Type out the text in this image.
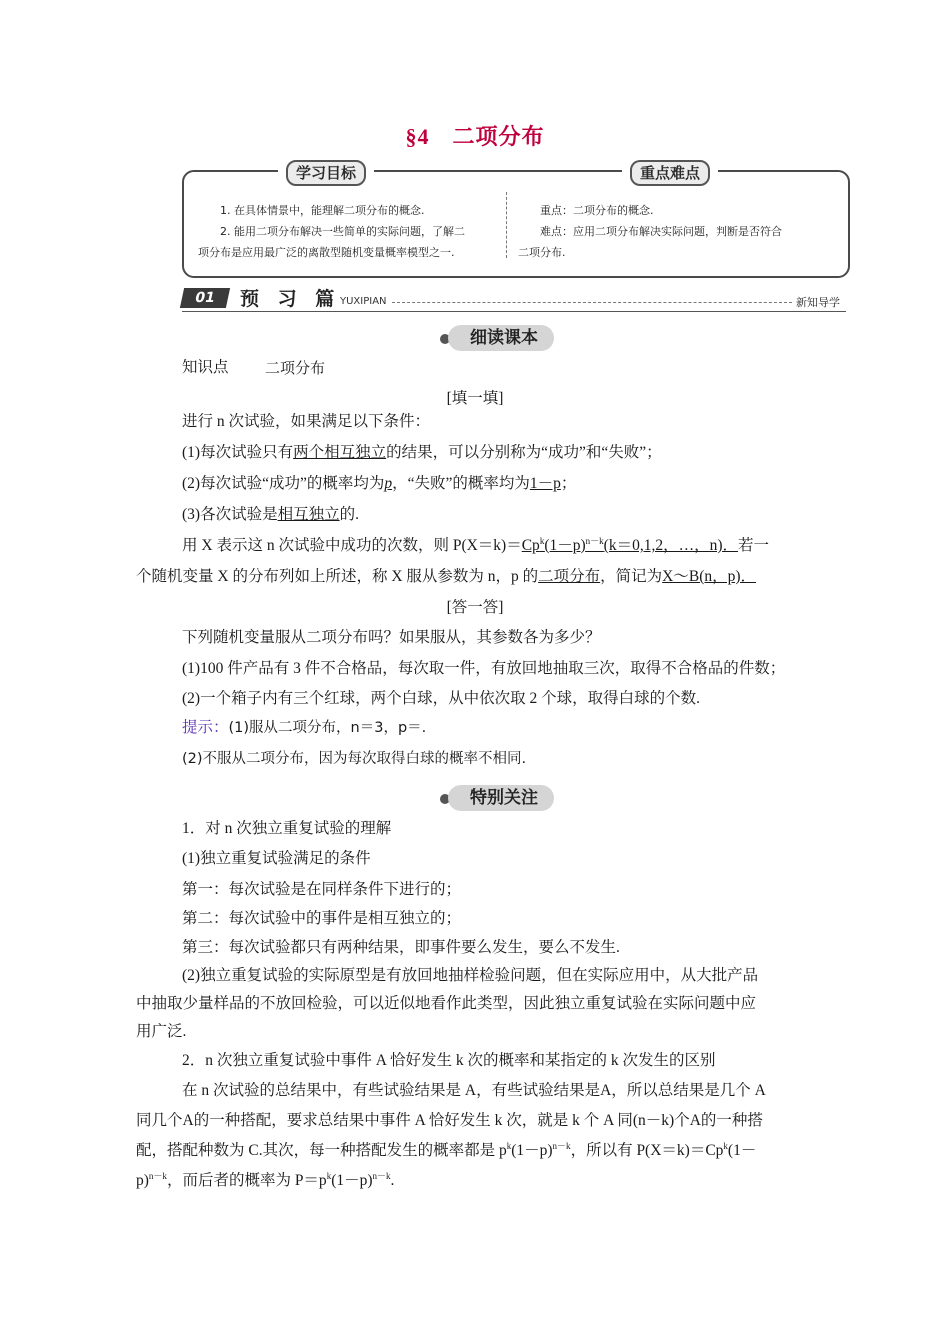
§4　二项分布
学习目标	重点难点
1. 在具体情景中，能理解二项分布的概念.
2. 能用二项分布解决一些简单的实际问题，了解二
项分布是应用最广泛的离散型随机变量概率模型之一.
重点：二项分布的概念.
难点：应用二项分布解决实际问题，判断是否符合
二项分布.
01	预 习 篇 YUXIPIAN	新知导学
细读课本
知识点 二项分布
[填一填]
进行 n 次试验，如果满足以下条件：
(1)每次试验只有两个相互独立的结果，可以分别称为“成功”和“失败”；
(2)每次试验“成功”的概率均为p，“失败”的概率均为1－p；
(3)各次试验是相互独立的.
用 X 表示这 n 次试验中成功的次数，则 $P(X=k)=Cp^k(1-p)^{n-k}(k=0,1,2$，…，n)．若一
个随机变量 X 的分布列如上所述，称 X 服从参数为 n，p 的二项分布，简记为X～B(n，p)．
[答一答]
下列随机变量服从二项分布吗？如果服从，其参数各为多少？
(1)100 件产品有 3 件不合格品，每次取一件，有放回地抽取三次，取得不合格品的件数；
(2)一个箱子内有三个红球，两个白球，从中依次取 2 个球，取得白球的个数.
提示：(1)服从二项分布，n＝3，p＝.
(2)不服从二项分布，因为每次取得白球的概率不相同.
特别关注
1．对 n 次独立重复试验的理解
(1)独立重复试验满足的条件
第一：每次试验是在同样条件下进行的；
第二：每次试验中的事件是相互独立的；
第三：每次试验都只有两种结果，即事件要么发生，要么不发生.
(2)独立重复试验的实际原型是有放回地抽样检验问题，但在实际应用中，从大批产品
中抽取少量样品的不放回检验，可以近似地看作此类型，因此独立重复试验在实际问题中应
用广泛.
2．n 次独立重复试验中事件 A 恰好发生 k 次的概率和某指定的 k 次发生的区别
在 n 次试验的总结果中，有些试验结果是 A，有些试验结果是A，所以总结果是几个 A
同几个A的一种搭配，要求总结果中事件 A 恰好发生 k 次，就是 k 个 A 同(n－k)个A的一种搭
配，搭配种数为 C.其次，每一种搭配发生的概率都是 $p^k(1-p)^{n-k}$，所以有 $P(X=k)=Cp^k(1-$
p)$^{n-k}$，而后者的概率为 $P=p^k(1-p)^{n-k}$.
